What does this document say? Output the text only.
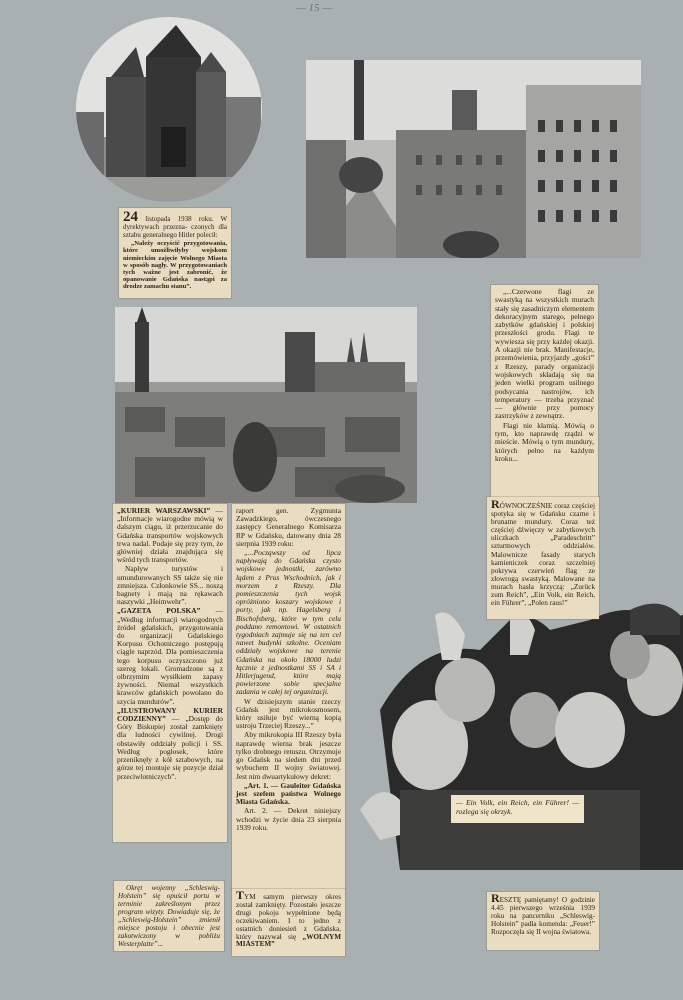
— 15 —

24 listopada 1938 roku. W dyrektywach przezna- czonych dla sztabu generalnego Hitler polecił:

„Należy oczyścić przygotowania, które umożliwiłyby wojskom niemieckim zajęcie Wolnego Miasta w sposób nagły. W przygotowaniach tych ważne jest zabronić, że opanowanie Gdańska nastąpi za drodze zamachu stanu”.

„...Czerwone flagi ze swastyką na wszystkich murach stały się zasadniczym elementem dekoracyjnym starego, pełnego zabytków gdańskiej i polskiej przeszłości grodu. Flagi te wywiesza się przy każdej okazji. A okazji nie brak. Manifestacje, przemówienia, przyjazdy „gości” z Rzeszy, parady organizacji wojskowych składają się na jeden wielki program usilnego podsycania nastrojów, ich temperatury — trzeba przyznać — głównie przy pomocy zastrzyków z zewnątrz.

Flagi nie kłamią. Mówią o tym, kto naprawdę rządzi w mieście. Mówią o tym mundury, których pełno na każdym kroku...

RÓWNOCZEŚNIE coraz częściej spotyka się w Gdańsku czarne i brunatne mundury. Coraz też częściej dźwięczy w zabytkowych uliczkach „Paradeschritt” szturmowych oddziałów. Malownicze fasady starych kamieniczek coraz szczelniej pokrywa czerwień flag ze złowrogą swastyką. Malowane na murach hasła krzyczą: „Zurück zum Reich”, „Ein Volk, ein Reich, ein Führer”, „Polen raus!”

„KURIER WARSZAWSKI” — „Informacje wiarogodne mówią w dalszym ciągu, iż przerzucanie do Gdańska transportów wojskowych trwa nadal. Podaje się przy tym, że główniej działa znajdująca się wśród tych transportów.

Napływ turystów i umundurowanych SS także się nie zmniejsza. Członkowie SS... noszą bagnety i mają na rękawach naszywki „Heimwehr”.

„GAZETA POLSKA” — „Według informacji wiarogodnych źródeł gdańskich, przygotowania do organizacji Gdańskiego Korpusu Ochotniczego postępują ciągle naprzód. Dla pomieszczenia tego korpusu oczyszczono już szereg lokali. Gromadzone są z olbrzymim wysiłkiem zapasy żywności. Niemal wszystkich krawców gdańskich powołano do szycia mundurów”.

„ILUSTROWANY KURIER CODZIENNY” — „Dostęp do Góry Biskupiej został zamknięty dla ludności cywilnej. Drogi obstawiły oddziały policji i SS. Według pogłosek, które przeniknęły z kół sztabowych, na górze tej montuje się pozycje dział przeciwlotniczych”.

raport gen. Zygmunta Zawadzkiego, ówczesnego zastępcy Generalnego Komisarza RP w Gdańsku, datowany dnia 28 sierpnia 1939 roku:

„...Począwszy od lipca napływają do Gdańska czysto wojskowe jednostki, zarówno lądem z Prus Wschodnich, jak i morzem z Rzeszy. Dla pomieszczenia tych wojsk opróżniono koszary wojskowe i porty, jak np. Hagelsberg i Bischofsberg, które w tym celu poddano remontowi. W ostatnich tygodniach zajmuje się na ten cel nawet budynki szkolne. Oceniam oddziały wojskowe na terenie Gdańska na około 18000 ludzi łącznie z jednostkami SS i SA i Hitlerjugend, które mają powierzone sobie specjalne zadania w całej tej organizacji.

W dzisiejszym stanie rzeczy Gdańsk jest mikrokosmosem, który usiłuje być wierną kopią ustroju Trzeciej Rzeszy...”

Aby mikrokopia III Rzeszy była naprawdę wierna brak jeszcze tylko drobnego retuszu. Otrzymuje go Gdańsk na siedem dni przed wybuchem II wojny światowej. Jest nim dwuartykułowy dekret:

„Art. 1. — Gauleiter Gdańska jest szefem państwa Wolnego Miasta Gdańska.

Art. 2. — Dekret niniejszy wchodzi w życie dnia 23 sierpnia 1939 roku.

TYM samym pierwszy okres został zamknięty. Pozostało jeszcze drugi pokoju wypełnione będą oczekiwaniem. I to jedno z ostatnich doniesień z Gdańska, który nazywał się „WOLNYM MIASTEM”

Okręt wojenny „Schleswig-Holstein” się opuścił portu w terminie zakreślonym przez program wizyty. Dowiaduje się, że „Schleswig-Holstein” zmienił miejsce postoju i obecnie jest zakotwiczony w pobliżu Westerplatte”...

RESZTĘ pamiętamy! O godzinie 4.45 pierwszego września 1939 roku na pancerniku „Schleswig-Holstein” padła komenda: „Feuer!” Rozpoczęła się II wojna światowa.

— Ein Volk, ein Reich, ein Führer! — rozlega się okrzyk.
